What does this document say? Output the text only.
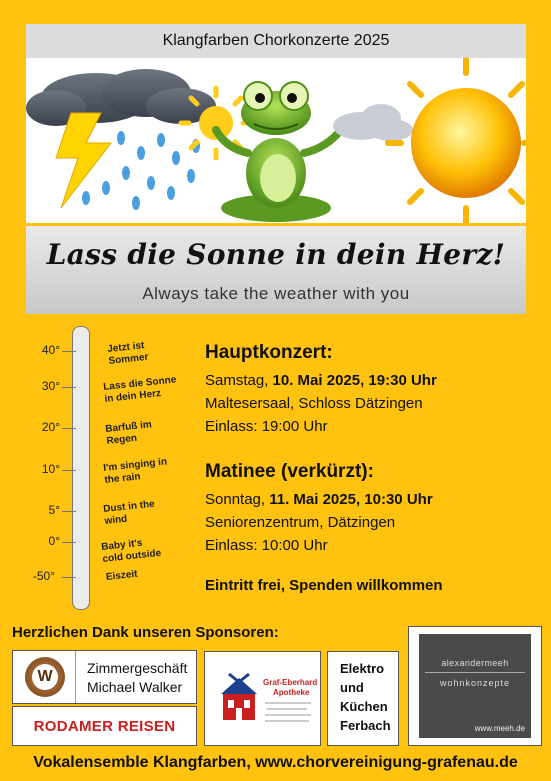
Klangfarben Chorkonzerte 2025
Lass die Sonne in dein Herz!
Always take the weather with you
40°	Jetzt ist
Sommer
30°	Lass die Sonne
in dein Herz
20°	Barfuß im
Regen
10°	I'm singing in
the rain
5°	Dust in the
wind
0°	Baby it's
cold outside
-50°	Eiszeit
Hauptkonzert:
Samstag, 10. Mai 2025, 19:30 Uhr
Maltesersaal, Schloss Dätzingen
Einlass: 19:00 Uhr
Matinee (verkürzt):
Sonntag, 11. Mai 2025, 10:30 Uhr
Seniorenzentrum, Dätzingen
Einlass: 10:00 Uhr
Eintritt frei, Spenden willkommen
Herzlichen Dank unseren Sponsoren:
W	Zimmergeschäft
Michael Walker
RODAMER REISEN
Graf-Eberhard
Apotheke
Elektro
und
Küchen
Ferbach
alexandermeeh
wohnkonzepte
www.meeh.de
Vokalensemble Klangfarben, www.chorvereinigung-grafenau.de
